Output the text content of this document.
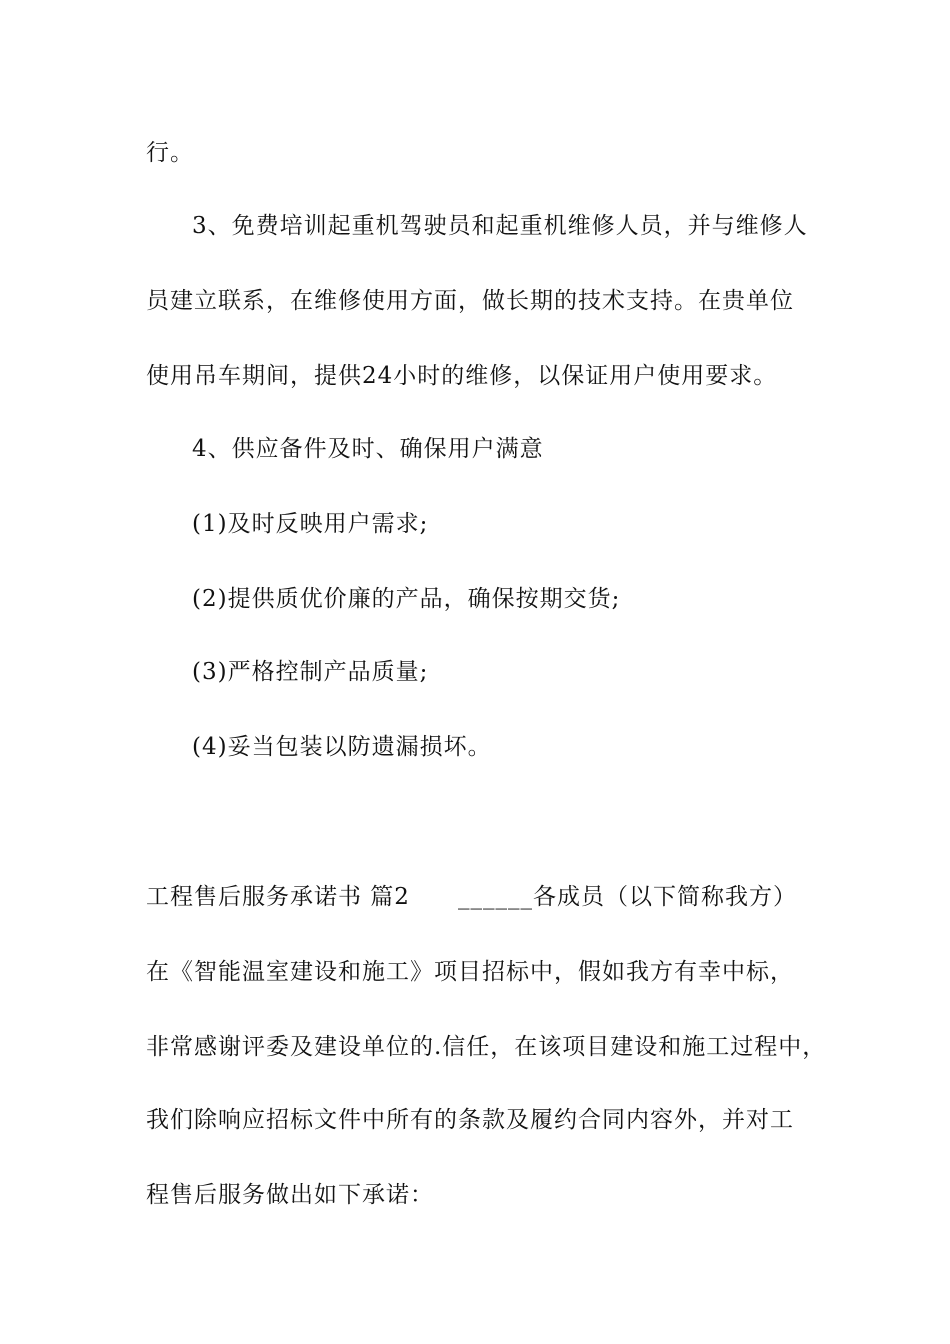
行。
3、免费培训起重机驾驶员和起重机维修人员，并与维修人
员建立联系，在维修使用方面，做长期的技术支持。在贵单位
使用吊车期间，提供24小时的维修，以保证用户使用要求。
4、供应备件及时、确保用户满意
(1)及时反映用户需求;
(2)提供质优价廉的产品，确保按期交货;
(3)严格控制产品质量;
(4)妥当包装以防遗漏损坏。
工程售后服务承诺书 篇2 ______各成员（以下简称我方）
在《智能温室建设和施工》项目招标中，假如我方有幸中标，
非常感谢评委及建设单位的.信任，在该项目建设和施工过程中，
我们除响应招标文件中所有的条款及履约合同内容外，并对工
程售后服务做出如下承诺：
